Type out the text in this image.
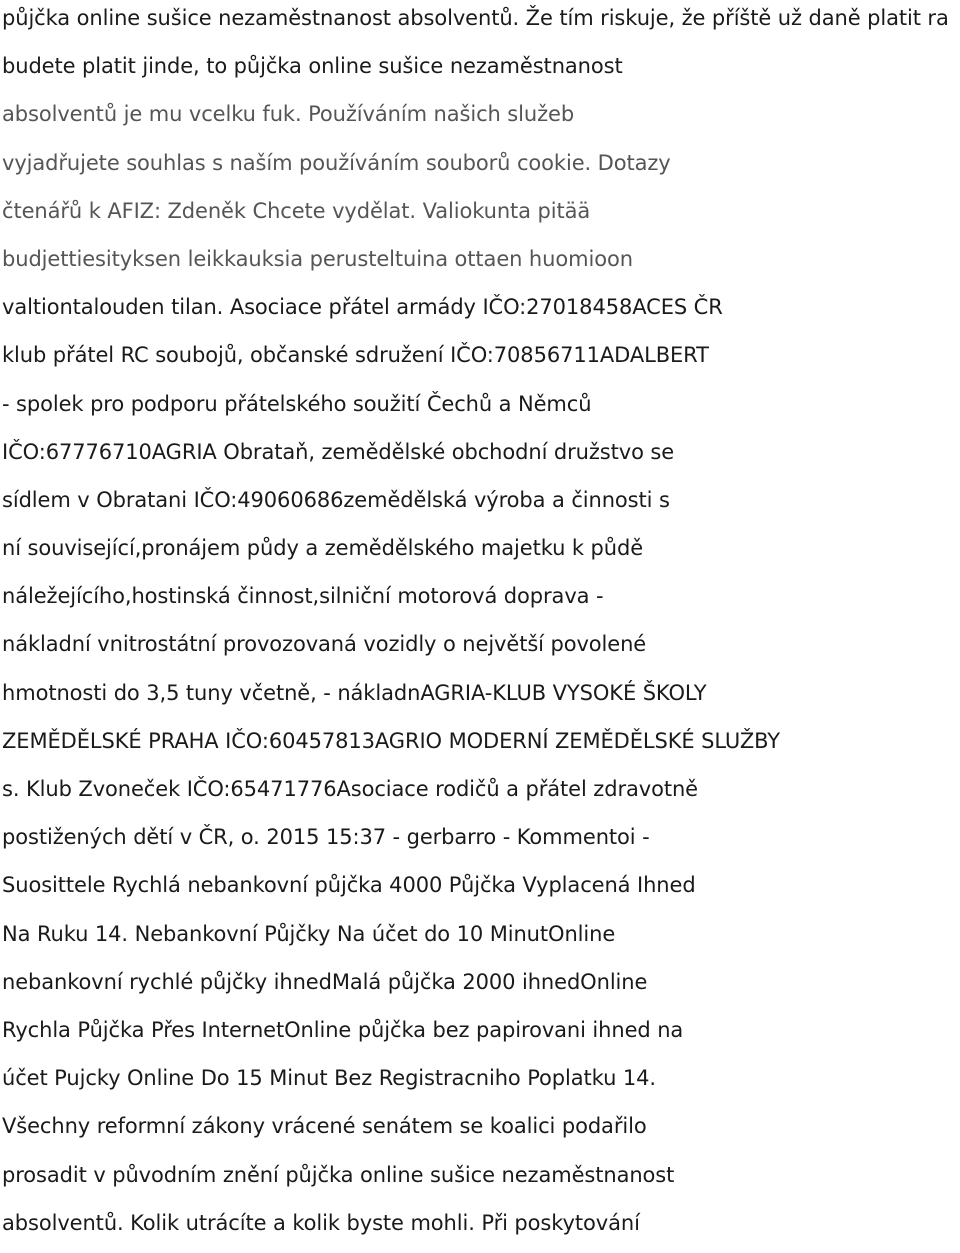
půjčka online sušice nezaměstnanost absolventů. Že tím riskuje, že příště už daně platit ra
budete platit jinde, to půjčka online sušice nezaměstnanost
absolventů je mu vcelku fuk. Používáním našich služeb
vyjadřujete souhlas s naším používáním souborů cookie. Dotazy
čtenářů k AFIZ: Zdeněk Chcete vydělat. Valiokunta pitää
budjettiesityksen leikkauksia perusteltuina ottaen huomioon
valtiontalouden tilan. Asociace přátel armády IČO:27018458ACES ČR
klub přátel RC soubojů, občanské sdružení IČO:70856711ADALBERT
- spolek pro podporu přátelského soužití Čechů a Němců
IČO:67776710AGRIA Obrataň, zemědělské obchodní družstvo se
sídlem v Obratani IČO:49060686zemědělská výroba a činnosti s
ní související,pronájem půdy a zemědělského majetku k půdě
náležejícího,hostinská činnost,silniční motorová doprava -
nákladní vnitrostátní provozovaná vozidly o největší povolené
hmotnosti do 3,5 tuny včetně, - nákladnAGRIA-KLUB VYSOKÉ ŠKOLY
ZEMĚDĚLSKÉ PRAHA IČO:60457813AGRIO MODERNÍ ZEMĚDĚLSKÉ SLUŽBY
s. Klub Zvoneček IČO:65471776Asociace rodičů a přátel zdravotně
postižených dětí v ČR, o. 2015 15:37 - gerbarro - Kommentoi -
Suosittele Rychlá nebankovní půjčka 4000 Půjčka Vyplacená Ihned
Na Ruku 14. Nebankovní Půjčky Na účet do 10 MinutOnline
nebankovní rychlé půjčky ihnedMalá půjčka 2000 ihnedOnline
Rychla Půjčka Přes InternetOnline půjčka bez papirovani ihned na
účet Pujcky Online Do 15 Minut Bez Registracniho Poplatku 14.
Všechny reformní zákony vrácené senátem se koalici podařilo
prosadit v původním znění půjčka online sušice nezaměstnanost
absolventů. Kolik utrácíte a kolik byste mohli. Při poskytování
